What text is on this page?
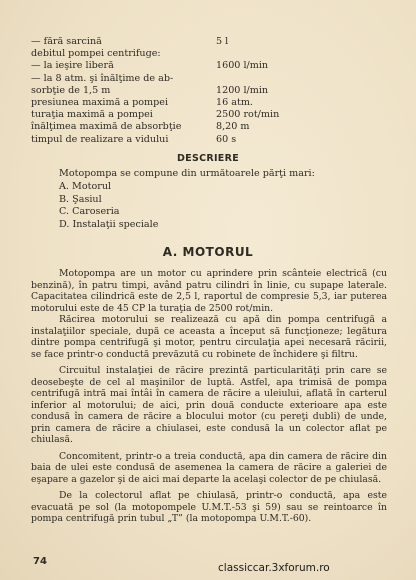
— fără sarcină	5 l
debitul pompei centrifuge:
— la ieşire liberă	1600 l/min
— la 8 atm. şi înălţime de ab-
sorbţie de 1,5 m	1200 l/min
presiunea maximă a pompei	16 atm.
turaţia maximă a pompei	2500 rot/min
înălţimea maximă de absorbţie	8,20 m
timpul de realizare a vidului	60 s
DESCRIERE
Motopompa se compune din următoarele părţi mari:
A. Motorul
B. Şasiul
C. Caroseria
D. Instalaţii speciale
A. MOTORUL

Motopompa are un motor cu aprindere prin scânteie electrică (cu benzină), în patru timpi, având patru cilindri în linie, cu supape laterale. Capacitatea cilindrică este de 2,5 l, raportul de compresie 5,3, iar puterea motorului este de 45 CP la turaţia de 2500 rot/min.

Răcirea motorului se realizează cu apă din pompa centrifugă a instalaţiilor speciale, după ce aceasta a început să funcţioneze; legătura dintre pompa centrifugă şi motor, pentru circulaţia apei necesară răcirii, se face printr-o conductă prevăzută cu robinete de închidere şi filtru.

Circuitul instalaţiei de răcire prezintă particularităţi prin care se deosebeşte de cel al maşinilor de luptă. Astfel, apa trimisă de pompa centrifugă intră mai întâi în camera de răcire a uleiului, aflată în carterul inferior al motorului; de aici, prin două conducte exterioare apa este condusă în camera de răcire a blocului motor (cu pereţi dubli) de unde, prin camera de răcire a chiulasei, este condusă la un colector aflat pe chiulasă.

Concomitent, printr-o a treia conductă, apa din camera de răcire din baia de ulei este condusă de asemenea la camera de răcire a galeriei de eşapare a gazelor şi de aici mai departe la acelaşi colector de pe chiulasă.

De la colectorul aflat pe chiulasă, printr-o conductă, apa este evacuată pe sol (la motopompele U.M.T.-53 şi 59) sau se reintoarce în pompa centrifugă prin tubul „T” (la motopompa U.M.T.-60).

74
classiccar.3xforum.ro
